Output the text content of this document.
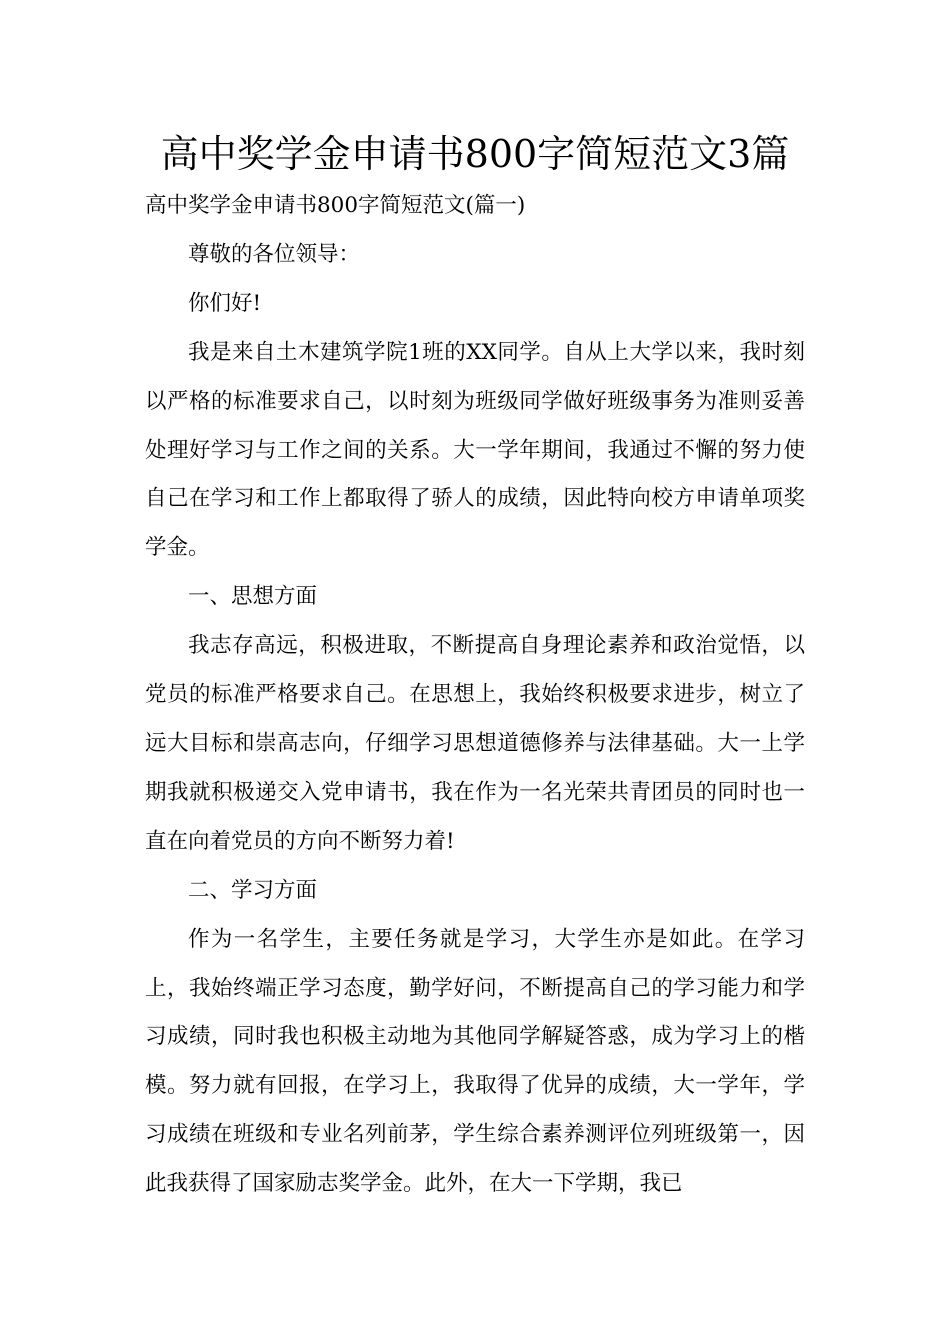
高中奖学金申请书800字简短范文3篇

高中奖学金申请书800字简短范文(篇一)

尊敬的各位领导：

你们好!

我是来自土木建筑学院1班的XX同学。自从上大学以来，我时刻以严格的标准要求自己，以时刻为班级同学做好班级事务为准则妥善处理好学习与工作之间的关系。大一学年期间，我通过不懈的努力使自己在学习和工作上都取得了骄人的成绩，因此特向校方申请单项奖学金。

一、思想方面

我志存高远，积极进取，不断提高自身理论素养和政治觉悟，以党员的标准严格要求自己。在思想上，我始终积极要求进步，树立了远大目标和崇高志向，仔细学习思想道德修养与法律基础。大一上学期我就积极递交入党申请书，我在作为一名光荣共青团员的同时也一直在向着党员的方向不断努力着!

二、学习方面

作为一名学生，主要任务就是学习，大学生亦是如此。在学习上，我始终端正学习态度，勤学好问，不断提高自己的学习能力和学习成绩，同时我也积极主动地为其他同学解疑答惑，成为学习上的楷模。努力就有回报，在学习上，我取得了优异的成绩，大一学年，学习成绩在班级和专业名列前茅，学生综合素养测评位列班级第一，因此我获得了国家励志奖学金。此外，在大一下学期，我已
